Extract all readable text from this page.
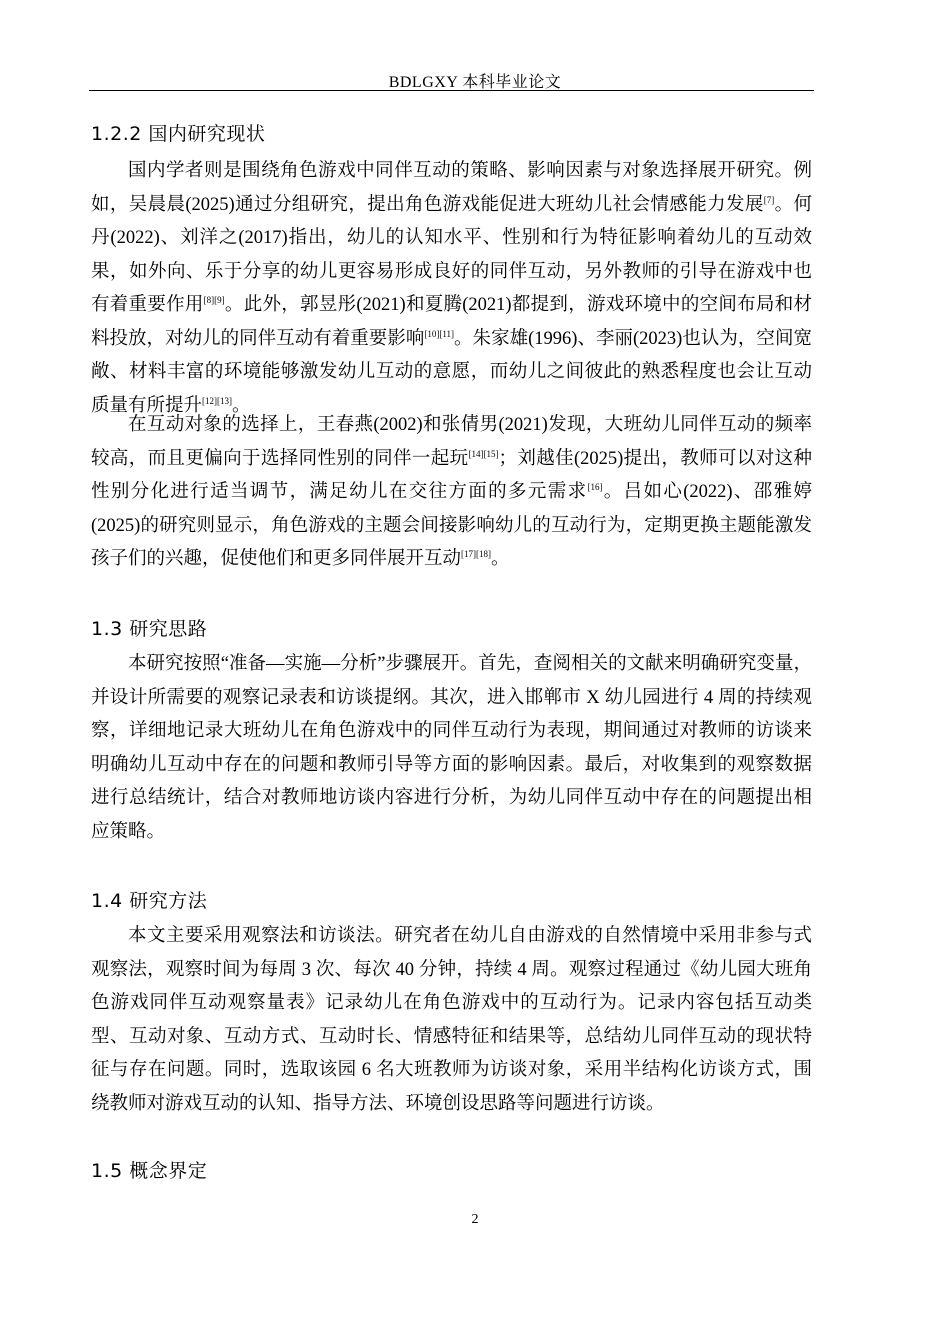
BDLGXY 本科毕业论文
1.2.2 国内研究现状

国内学者则是围绕角色游戏中同伴互动的策略、影响因素与对象选择展开研究。例如，吴晨晨(2025)通过分组研究，提出角色游戏能促进大班幼儿社会情感能力发展[7]。何丹(2022)、刘洋之(2017)指出，幼儿的认知水平、性别和行为特征影响着幼儿的互动效果，如外向、乐于分享的幼儿更容易形成良好的同伴互动，另外教师的引导在游戏中也有着重要作用[8][9]。此外，郭昱彤(2021)和夏腾(2021)都提到，游戏环境中的空间布局和材料投放，对幼儿的同伴互动有着重要影响[10][11]。朱家雄(1996)、李丽(2023)也认为，空间宽敞、材料丰富的环境能够激发幼儿互动的意愿，而幼儿之间彼此的熟悉程度也会让互动质量有所提升[12][13]。

在互动对象的选择上，王春燕(2002)和张倩男(2021)发现，大班幼儿同伴互动的频率较高，而且更偏向于选择同性别的同伴一起玩[14][15]；刘越佳(2025)提出，教师可以对这种性别分化进行适当调节，满足幼儿在交往方面的多元需求[16]。吕如心(2022)、邵雅婷(2025)的研究则显示，角色游戏的主题会间接影响幼儿的互动行为，定期更换主题能激发孩子们的兴趣，促使他们和更多同伴展开互动[17][18]。

1.3 研究思路

本研究按照“准备—实施—分析”步骤展开。首先，查阅相关的文献来明确研究变量，并设计所需要的观察记录表和访谈提纲。其次，进入邯郸市 X 幼儿园进行 4 周的持续观察，详细地记录大班幼儿在角色游戏中的同伴互动行为表现，期间通过对教师的访谈来明确幼儿互动中存在的问题和教师引导等方面的影响因素。最后，对收集到的观察数据进行总结统计，结合对教师地访谈内容进行分析，为幼儿同伴互动中存在的问题提出相应策略。

1.4 研究方法

本文主要采用观察法和访谈法。研究者在幼儿自由游戏的自然情境中采用非参与式观察法，观察时间为每周 3 次、每次 40 分钟，持续 4 周。观察过程通过《幼儿园大班角色游戏同伴互动观察量表》记录幼儿在角色游戏中的互动行为。记录内容包括互动类型、互动对象、互动方式、互动时长、情感特征和结果等，总结幼儿同伴互动的现状特征与存在问题。同时，选取该园 6 名大班教师为访谈对象，采用半结构化访谈方式，围绕教师对游戏互动的认知、指导方法、环境创设思路等问题进行访谈。

1.5 概念界定
2
